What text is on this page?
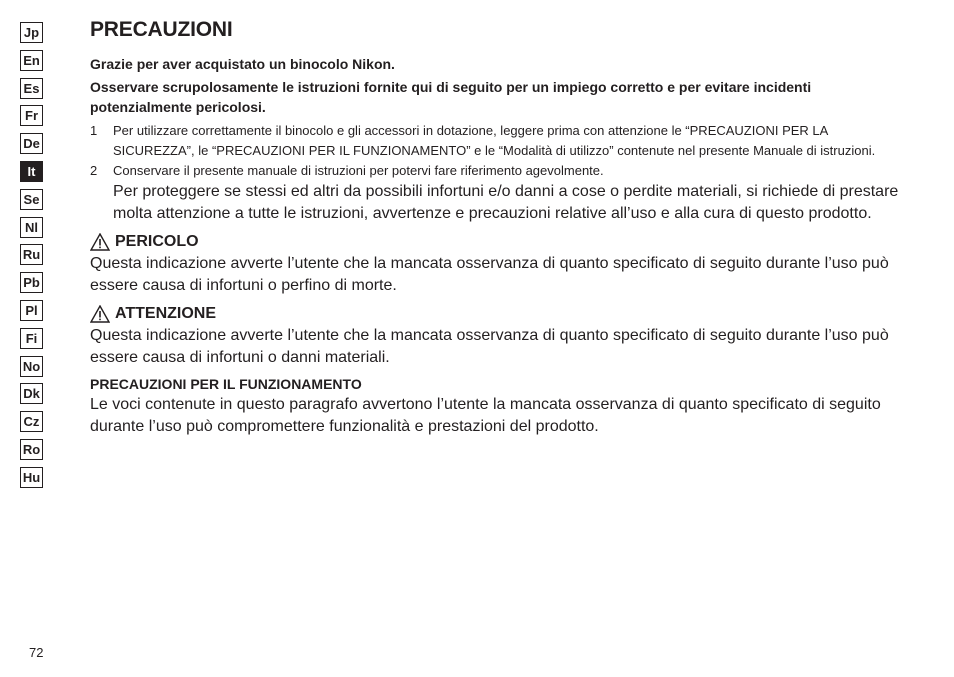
Jp
En
Es
Fr
De
It
Se
Nl
Ru
Pb
Pl
Fi
No
Dk
Cz
Ro
Hu
PRECAUZIONI

Grazie per aver acquistato un binocolo Nikon.

Osservare scrupolosamente le istruzioni fornite qui di seguito per un impiego corretto e per evitare incidenti potenzialmente pericolosi.

1	Per utilizzare correttamente il binocolo e gli accessori in dotazione, leggere prima con attenzione le “PRECAUZIONI PER LA SICUREZZA”, le “PRECAUZIONI PER IL FUNZIONAMENTO” e le “Modalità di utilizzo” contenute nel presente Manuale di istruzioni.
2	Conservare il presente manuale di istruzioni per potervi fare riferimento agevolmente.

Per proteggere se stessi ed altri da possibili infortuni e/o danni a cose o perdite materiali, si richiede di prestare molta attenzione a tutte le istruzioni, avvertenze e precauzioni relative all’uso e alla cura di questo prodotto.

PERICOLO

Questa indicazione avverte l’utente che la mancata osservanza di quanto specificato di seguito durante l’uso può essere causa di infortuni o perfino di morte.

ATTENZIONE

Questa indicazione avverte l’utente che la mancata osservanza di quanto specificato di seguito durante l’uso può essere causa di infortuni o danni materiali.

PRECAUZIONI PER IL FUNZIONAMENTO

Le voci contenute in questo paragrafo avvertono l’utente la mancata osservanza di quanto specificato di seguito durante l’uso può compromettere funzionalità e prestazioni del prodotto.

72
